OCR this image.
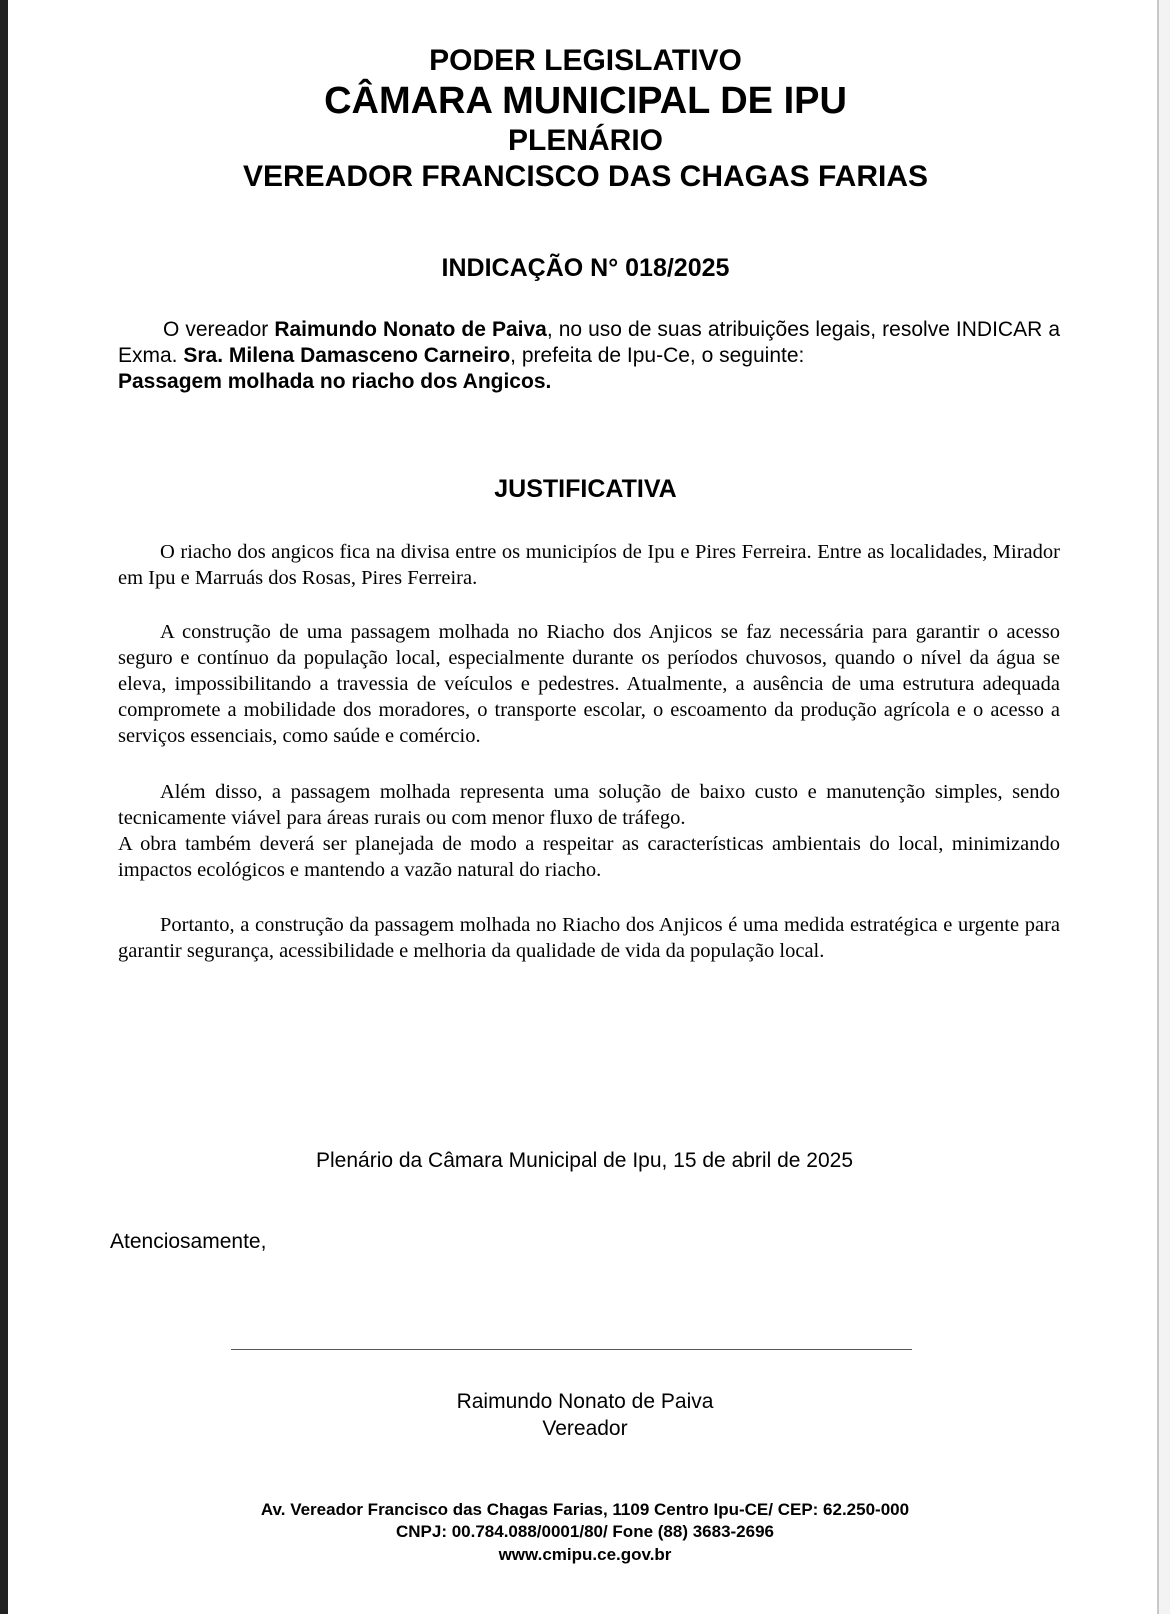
PODER LEGISLATIVO
CÂMARA MUNICIPAL DE IPU
PLENÁRIO
VEREADOR FRANCISCO DAS CHAGAS FARIAS
INDICAÇÃO N° 018/2025
O vereador Raimundo Nonato de Paiva, no uso de suas atribuições legais, resolve INDICAR a Exma. Sra. Milena Damasceno Carneiro, prefeita de Ipu-Ce, o seguinte:
Passagem molhada no riacho dos Angicos.
JUSTIFICATIVA

O riacho dos angicos fica na divisa entre os municipíos de Ipu e Pires Ferreira. Entre as localidades, Mirador em Ipu e Marruás dos Rosas, Pires Ferreira.

A construção de uma passagem molhada no Riacho dos Anjicos se faz necessária para garantir o acesso seguro e contínuo da população local, especialmente durante os períodos chuvosos, quando o nível da água se eleva, impossibilitando a travessia de veículos e pedestres. Atualmente, a ausência de uma estrutura adequada compromete a mobilidade dos moradores, o transporte escolar, o escoamento da produção agrícola e o acesso a serviços essenciais, como saúde e comércio.

Além disso, a passagem molhada representa uma solução de baixo custo e manutenção simples, sendo tecnicamente viável para áreas rurais ou com menor fluxo de tráfego.

A obra também deverá ser planejada de modo a respeitar as características ambientais do local, minimizando impactos ecológicos e mantendo a vazão natural do riacho.

Portanto, a construção da passagem molhada no Riacho dos Anjicos é uma medida estratégica e urgente para garantir segurança, acessibilidade e melhoria da qualidade de vida da população local.

Plenário da Câmara Municipal de Ipu, 15 de abril de 2025
Atenciosamente,
Raimundo Nonato de Paiva
Vereador
Av. Vereador Francisco das Chagas Farias, 1109 Centro Ipu-CE/ CEP: 62.250-000
CNPJ: 00.784.088/0001/80/ Fone (88) 3683-2696
www.cmipu.ce.gov.br
